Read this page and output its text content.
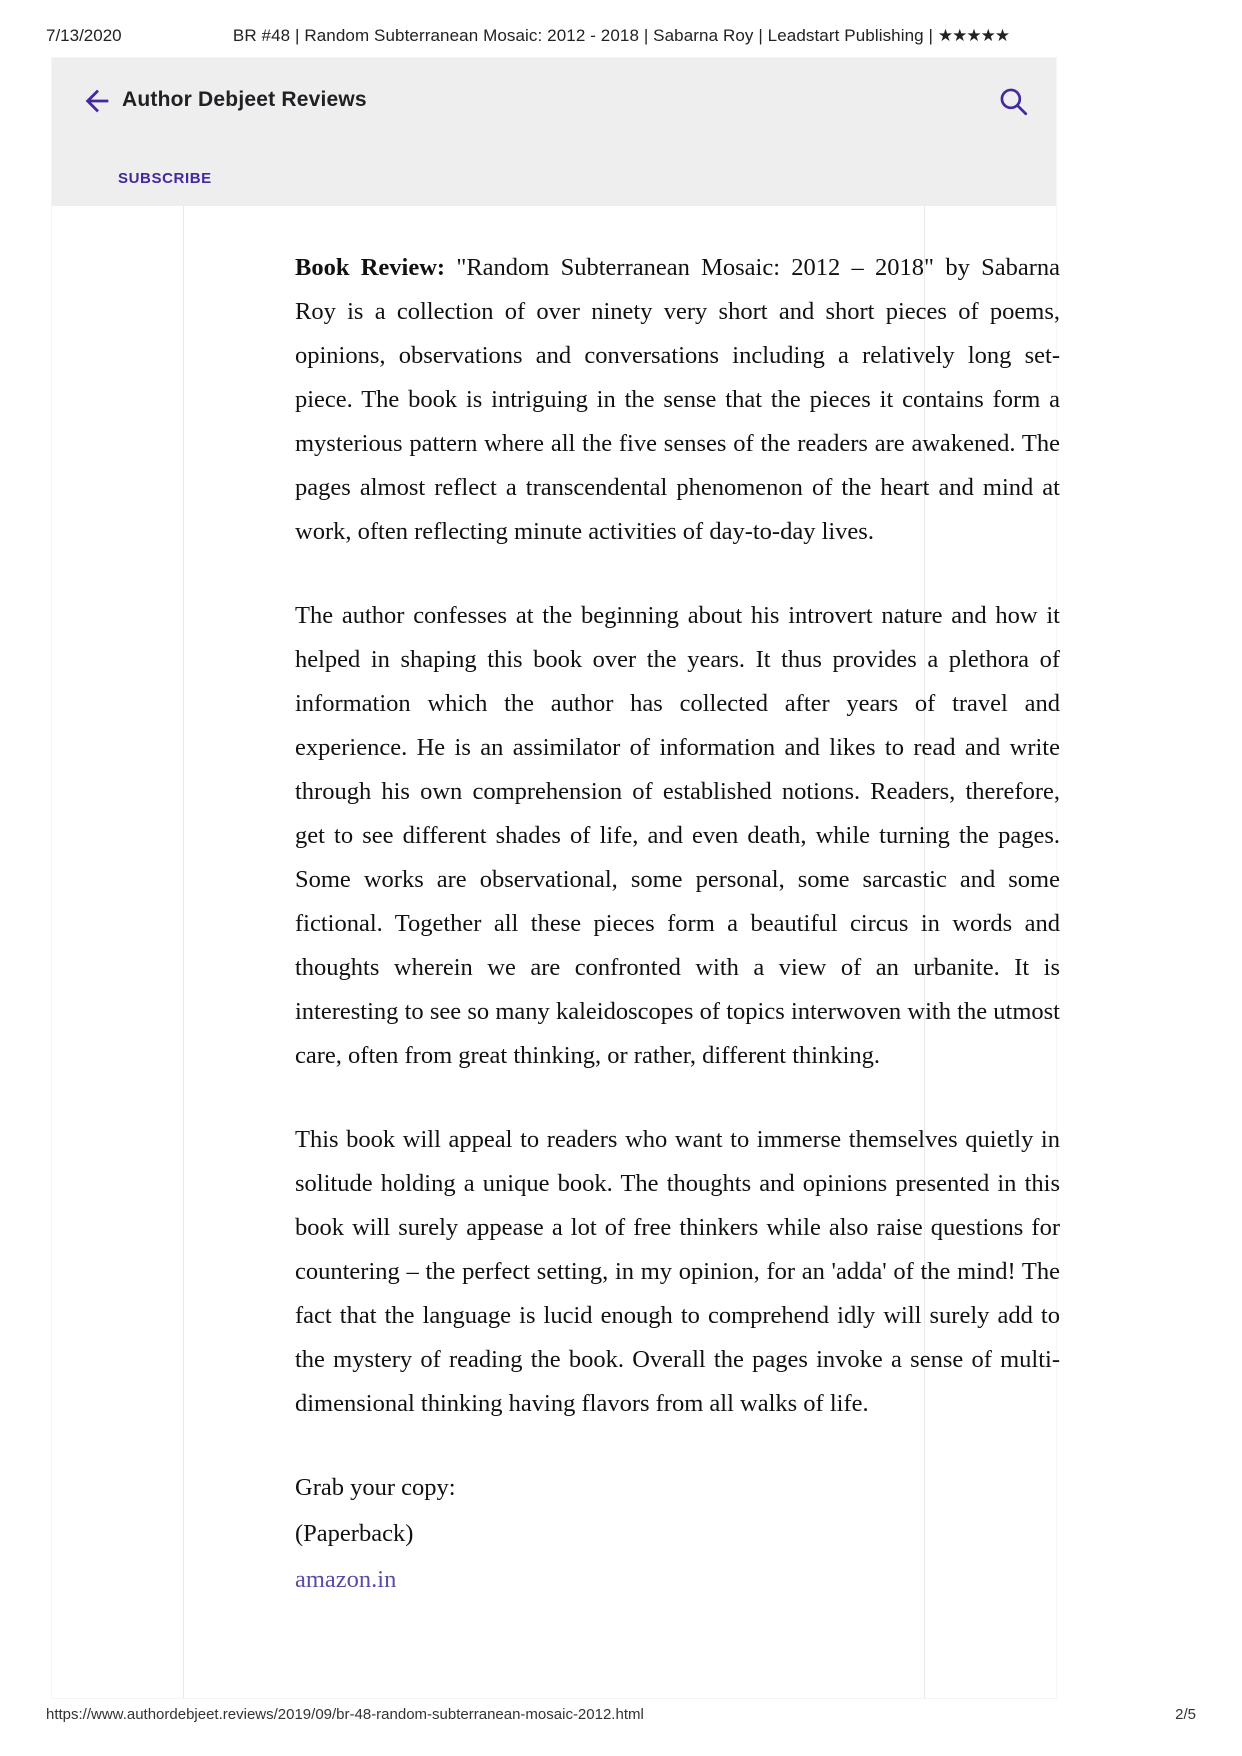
7/13/2020	BR #48 | Random Subterranean Mosaic: 2012 - 2018 | Sabarna Roy | Leadstart Publishing | ★★★★★
Author Debjeet Reviews
SUBSCRIBE

Book Review: "Random Subterranean Mosaic: 2012 – 2018" by Sabarna Roy is a collection of over ninety very short and short pieces of poems, opinions, observations and conversations including a relatively long set-piece. The book is intriguing in the sense that the pieces it contains form a mysterious pattern where all the five senses of the readers are awakened. The pages almost reflect a transcendental phenomenon of the heart and mind at work, often reflecting minute activities of day-to-day lives.

The author confesses at the beginning about his introvert nature and how it helped in shaping this book over the years. It thus provides a plethora of information which the author has collected after years of travel and experience. He is an assimilator of information and likes to read and write through his own comprehension of established notions. Readers, therefore, get to see different shades of life, and even death, while turning the pages. Some works are observational, some personal, some sarcastic and some fictional. Together all these pieces form a beautiful circus in words and thoughts wherein we are confronted with a view of an urbanite. It is interesting to see so many kaleidoscopes of topics interwoven with the utmost care, often from great thinking, or rather, different thinking.

This book will appeal to readers who want to immerse themselves quietly in solitude holding a unique book. The thoughts and opinions presented in this book will surely appease a lot of free thinkers while also raise questions for countering – the perfect setting, in my opinion, for an 'adda' of the mind! The fact that the language is lucid enough to comprehend idly will surely add to the mystery of reading the book. Overall the pages invoke a sense of multi-dimensional thinking having flavors from all walks of life.

Grab your copy:

(Paperback)

amazon.in

https://www.authordebjeet.reviews/2019/09/br-48-random-subterranean-mosaic-2012.html	2/5
